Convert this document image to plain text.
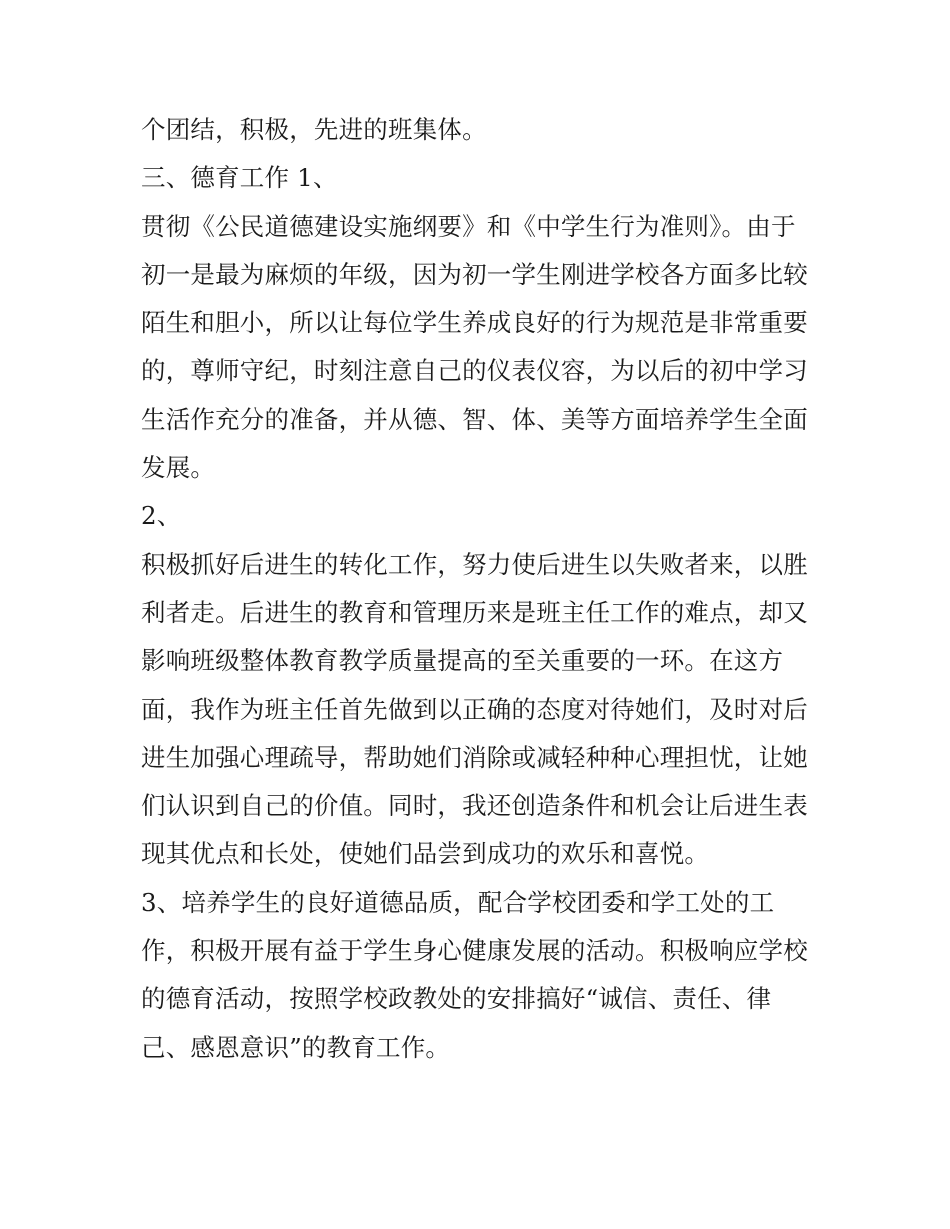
个团结，积极，先进的班集体。
三、德育工作 1、
贯彻《公民道德建设实施纲要》和《中学生行为准则》。由于
初一是最为麻烦的年级，因为初一学生刚进学校各方面多比较
陌生和胆小，所以让每位学生养成良好的行为规范是非常重要
的，尊师守纪，时刻注意自己的仪表仪容，为以后的初中学习
生活作充分的准备，并从德、智、体、美等方面培养学生全面
发展。
2、
积极抓好后进生的转化工作，努力使后进生以失败者来，以胜
利者走。后进生的教育和管理历来是班主任工作的难点，却又
影响班级整体教育教学质量提高的至关重要的一环。在这方
面，我作为班主任首先做到以正确的态度对待她们，及时对后
进生加强心理疏导，帮助她们消除或减轻种种心理担忧，让她
们认识到自己的价值。同时，我还创造条件和机会让后进生表
现其优点和长处，使她们品尝到成功的欢乐和喜悦。
3、培养学生的良好道德品质，配合学校团委和学工处的工
作，积极开展有益于学生身心健康发展的活动。积极响应学校
的德育活动，按照学校政教处的安排搞好“诚信、责任、律
己、感恩意识”的教育工作。
